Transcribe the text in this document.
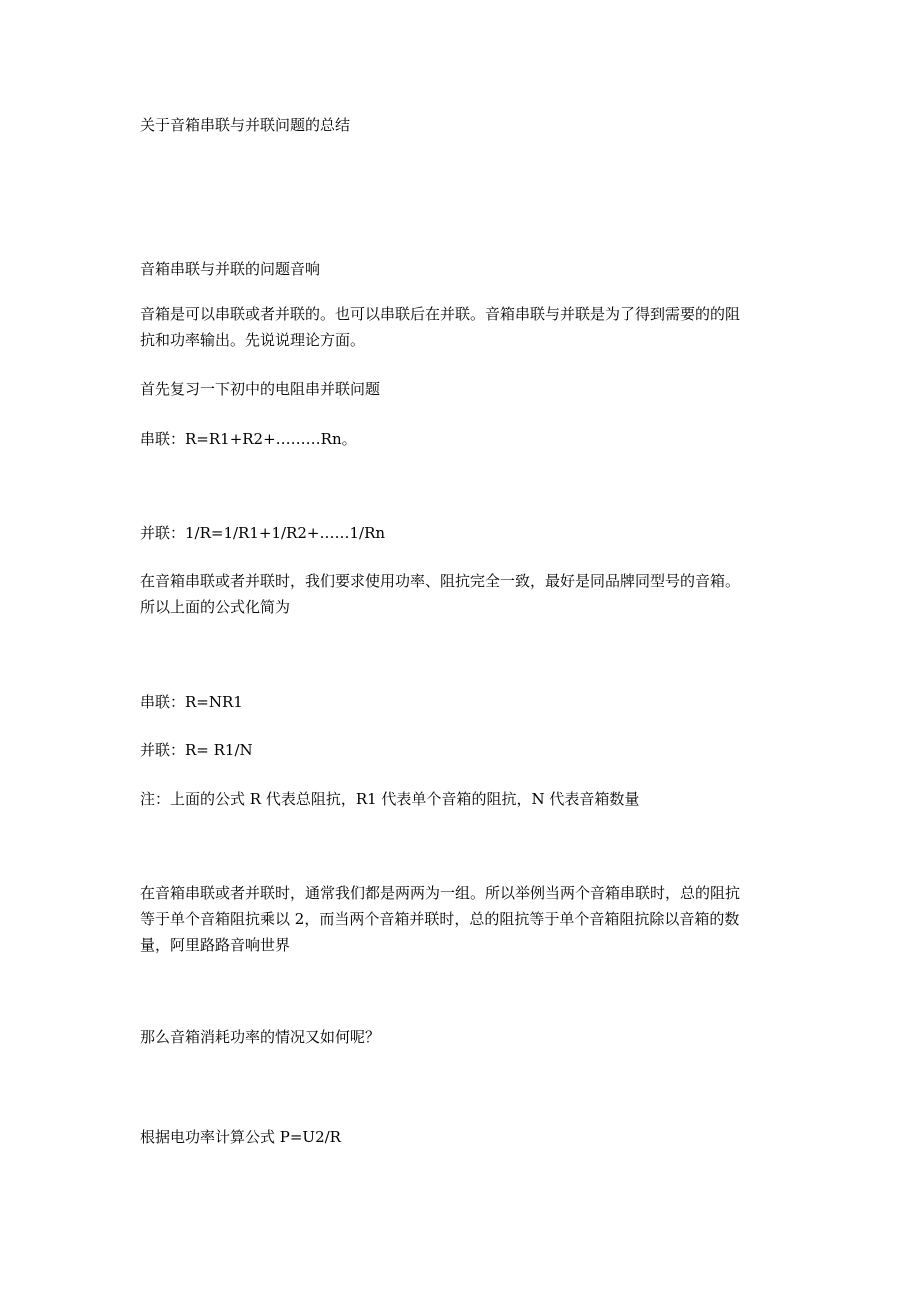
关于音箱串联与并联问题的总结

音箱串联与并联的问题音响

音箱是可以串联或者并联的。也可以串联后在并联。音箱串联与并联是为了得到需要的的阻
抗和功率输出。先说说理论方面。

首先复习一下初中的电阻串并联问题

串联：R=R1+R2+………Rn。

并联：1/R=1/R1+1/R2+……1/Rn

在音箱串联或者并联时，我们要求使用功率、阻抗完全一致，最好是同品牌同型号的音箱。
所以上面的公式化简为

串联：R=NR1

并联：R= R1/N

注：上面的公式 R 代表总阻抗，R1 代表单个音箱的阻抗，N 代表音箱数量

在音箱串联或者并联时，通常我们都是两两为一组。所以举例当两个音箱串联时，总的阻抗
等于单个音箱阻抗乘以 2，而当两个音箱并联时，总的阻抗等于单个音箱阻抗除以音箱的数
量，阿里路路音响世界

那么音箱消耗功率的情况又如何呢？

根据电功率计算公式 P=U2/R
